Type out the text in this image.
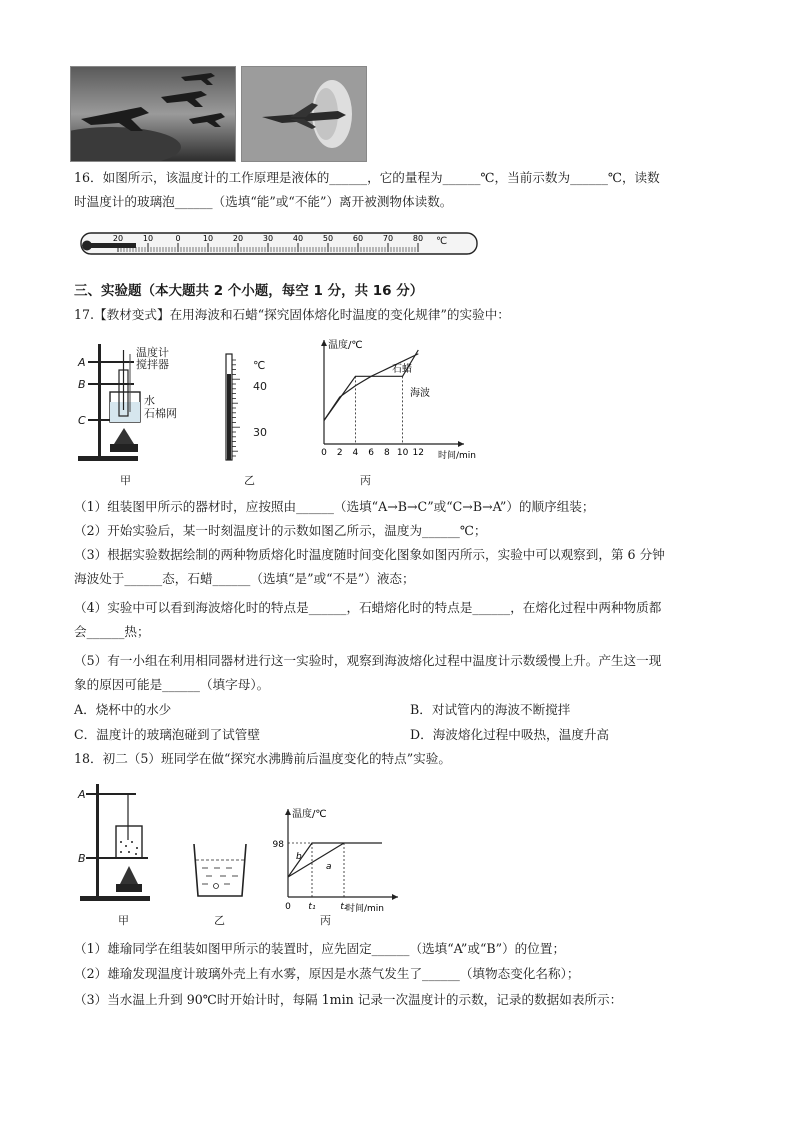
16．如图所示，该温度计的工作原理是液体的______，它的量程为______℃，当前示数为______℃，读数
时温度计的玻璃泡______（选填“能”或“不能”）离开被测物体读数。
20 10	0	10 20 30 40 50 60 70 80 ℃
三、实验题（本大题共 2 个小题，每空 1 分，共 16 分）
17.【教材变式】在用海波和石蜡“探究固体熔化时温度的变化规律”的实验中：
温度计
搅拌器
水
石棉网
A
B
C
甲
℃
40
30
乙
温度/℃
时间/min
0 2 4 6 8 10 12
石蜡
海波
丙
（1）组装图甲所示的器材时，应按照由______（选填“A→B→C”或“C→B→A”）的顺序组装；
（2）开始实验后，某一时刻温度计的示数如图乙所示，温度为______℃；
（3）根据实验数据绘制的两种物质熔化时温度随时间变化图象如图丙所示，实验中可以观察到，第 6 分钟
海波处于______态，石蜡______（选填“是”或“不是”）液态；
（4）实验中可以看到海波熔化时的特点是______，石蜡熔化时的特点是______，在熔化过程中两种物质都
会______热；
（5）有一小组在利用相同器材进行这一实验时，观察到海波熔化过程中温度计示数缓慢上升。产生这一现
象的原因可能是______（填字母）。
A．烧杯中的水少	B．对试管内的海波不断搅拌
C．温度计的玻璃泡碰到了试管壁	D．海波熔化过程中吸热，温度升高
18．初二（5）班同学在做“探究水沸腾前后温度变化的特点”实验。
A
B
甲	乙
温度/℃
时间/min
98
0 t₁	t₂
b
a
丙
（1）雄瑜同学在组装如图甲所示的装置时，应先固定______（选填“A”或“B”）的位置；
（2）雄瑜发现温度计玻璃外壳上有水雾，原因是水蒸气发生了______（填物态变化名称）；
（3）当水温上升到 90℃时开始计时，每隔 1min 记录一次温度计的示数，记录的数据如表所示：
